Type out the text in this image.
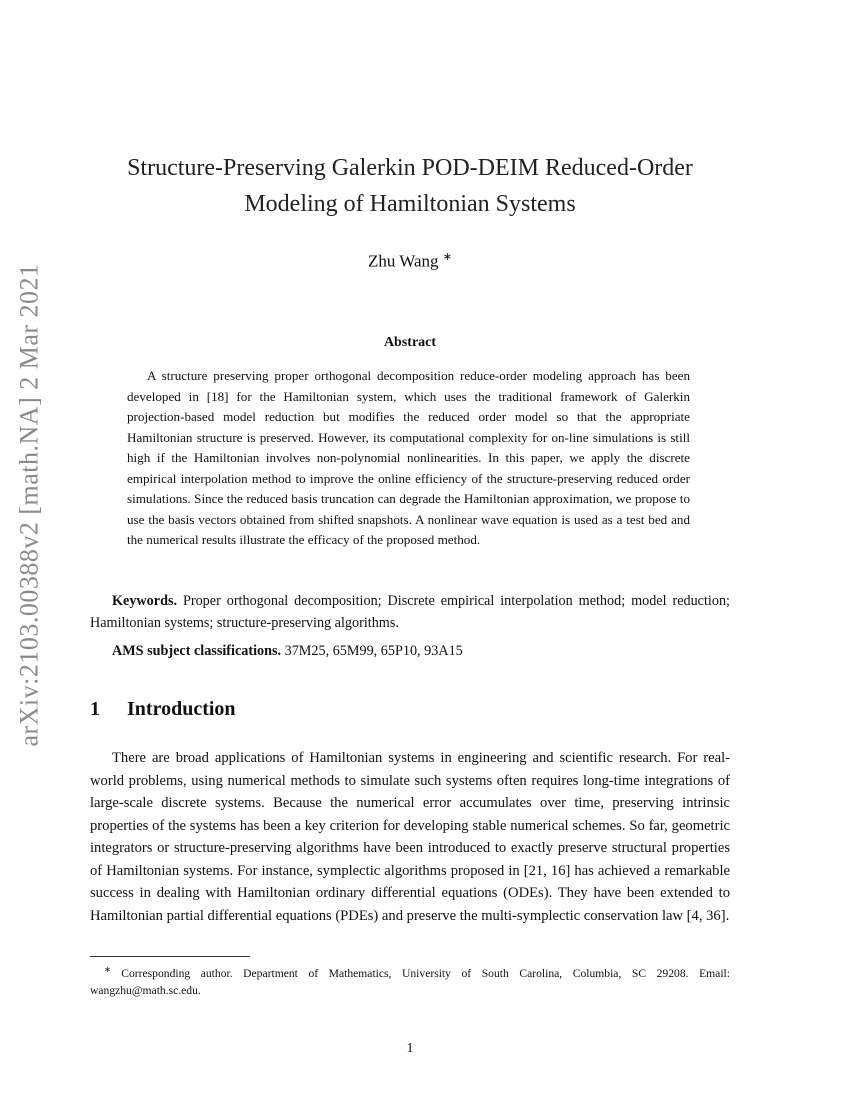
arXiv:2103.00388v2 [math.NA] 2 Mar 2021
Structure-Preserving Galerkin POD-DEIM Reduced-Order Modeling of Hamiltonian Systems
Zhu Wang ∗
Abstract
A structure preserving proper orthogonal decomposition reduce-order modeling approach has been developed in [18] for the Hamiltonian system, which uses the traditional framework of Galerkin projection-based model reduction but modifies the reduced order model so that the appropriate Hamiltonian structure is preserved. However, its computational complexity for on-line simulations is still high if the Hamiltonian involves non-polynomial nonlinearities. In this paper, we apply the discrete empirical interpolation method to improve the online efficiency of the structure-preserving reduced order simulations. Since the reduced basis truncation can degrade the Hamiltonian approximation, we propose to use the basis vectors obtained from shifted snapshots. A nonlinear wave equation is used as a test bed and the numerical results illustrate the efficacy of the proposed method.
Keywords. Proper orthogonal decomposition; Discrete empirical interpolation method; model reduction; Hamiltonian systems; structure-preserving algorithms.
AMS subject classifications. 37M25, 65M99, 65P10, 93A15
1 Introduction
There are broad applications of Hamiltonian systems in engineering and scientific research. For real-world problems, using numerical methods to simulate such systems often requires long-time integrations of large-scale discrete systems. Because the numerical error accumulates over time, preserving intrinsic properties of the systems has been a key criterion for developing stable numerical schemes. So far, geometric integrators or structure-preserving algorithms have been introduced to exactly preserve structural properties of Hamiltonian systems. For instance, symplectic algorithms proposed in [21, 16] has achieved a remarkable success in dealing with Hamiltonian ordinary differential equations (ODEs). They have been extended to Hamiltonian partial differential equations (PDEs) and preserve the multi-symplectic conservation law [4, 36].
∗ Corresponding author. Department of Mathematics, University of South Carolina, Columbia, SC 29208. Email: wangzhu@math.sc.edu.
1
